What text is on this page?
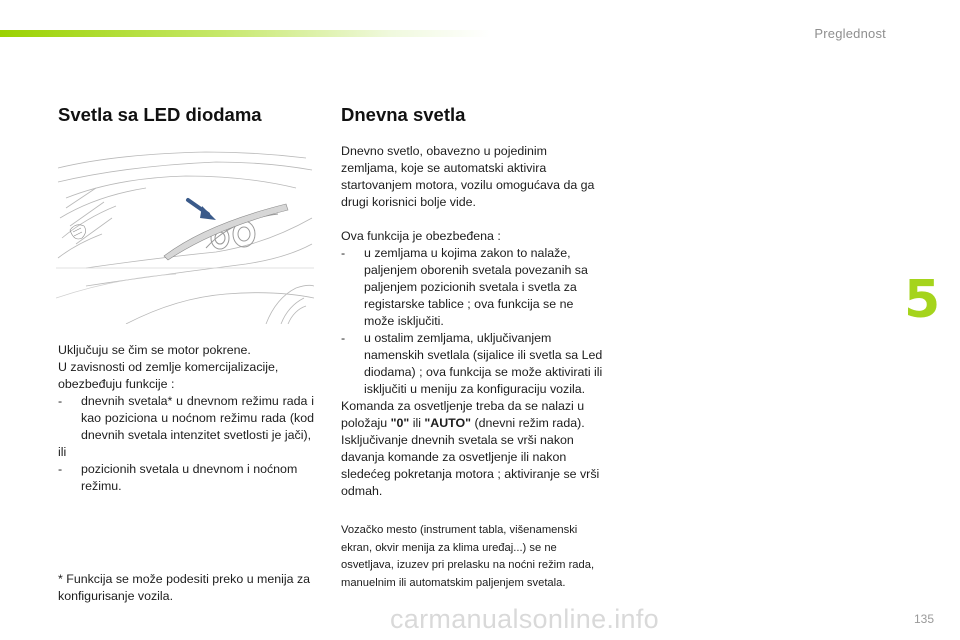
Preglednost
5
Svetla sa LED diodama	Dnevna svetla

Uključuju se čim se motor pokrene.

U zavisnosti od zemlje komercijalizacije,

obezbeđuju funkcije :

-	dnevnih svetala* u dnevnom režimu rada i kao poziciona u noćnom režimu rada (kod dnevnih svetala intenzitet svetlosti je jači),

ili

-	pozicionih svetala u dnevnom i noćnom režimu.
* Funkcija se može podesiti preko u menija za konfigurisanje vozila.

Dnevno svetlo, obavezno u pojedinim zemljama, koje se automatski aktivira startovanjem motora, vozilu omogućava da ga drugi korisnici bolje vide.

Ova funkcija je obezbeđena :

-	u zemljama u kojima zakon to nalaže, paljenjem oborenih svetala povezanih sa paljenjem pozicionih svetala i svetla za registarske tablice ; ova funkcija se ne može isključiti.
-	u ostalim zemljama, uključivanjem namenskih svetlala (sijalice ili svetla sa Led diodama) ; ova funkcija se može aktivirati ili isključiti u meniju za konfiguraciju vozila.

Komanda za osvetljenje treba da se nalazi u položaju "0" ili "AUTO" (dnevni režim rada).

Isključivanje dnevnih svetala se vrši nakon davanja komande za osvetljenje ili nakon sledećeg pokretanja motora ; aktiviranje se vrši odmah.

Vozačko mesto (instrument tabla, višenamenski ekran, okvir menija za klima uređaj...) se ne osvetljava, izuzev pri prelasku na noćni režim rada, manuelnim ili automatskim paljenjem svetala.

135
carmanualsonline.info
